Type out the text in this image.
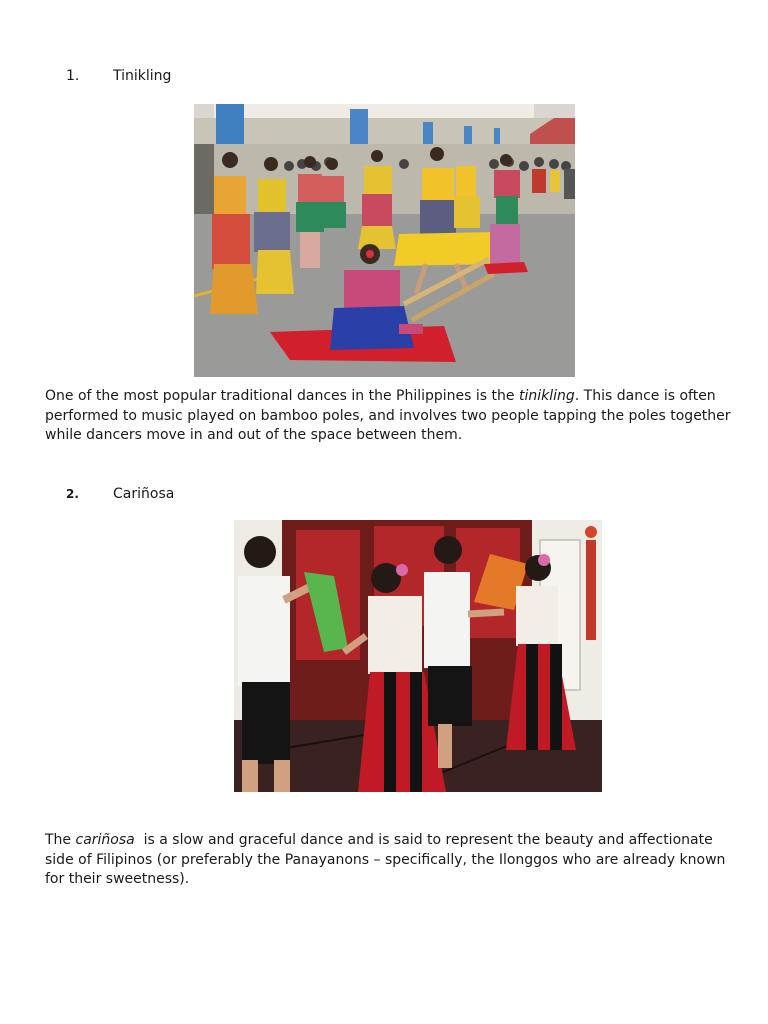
1. Tinikling

One of the most popular traditional dances in the Philippines is the tinikling. This dance is often

performed to music played on bamboo poles, and involves two people tapping the poles together

while dancers move in and out of the space between them.

2. Cariñosa

The cariñosa  is a slow and graceful dance and is said to represent the beauty and affectionate

side of Filipinos (or preferably the Panayanons – specifically, the Ilonggos who are already known

for their sweetness).
